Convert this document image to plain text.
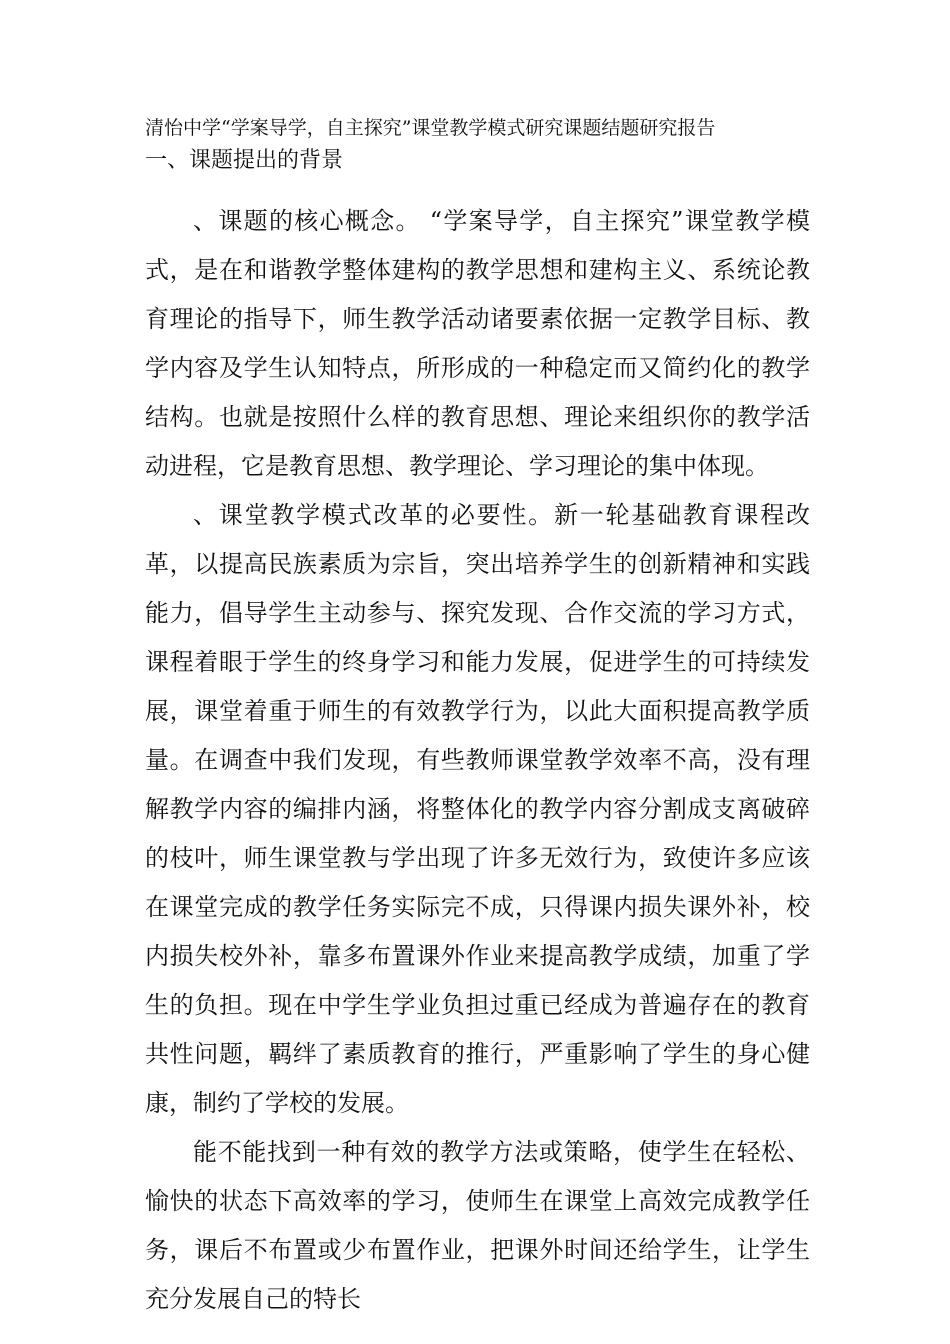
清怡中学“学案导学，自主探究”课堂教学模式研究课题结题研究报告
一、课题提出的背景

、课题的核心概念。 “学案导学，自主探究”课堂教学模式，是在和谐教学整体建构的教学思想和建构主义、系统论教育理论的指导下，师生教学活动诸要素依据一定教学目标、教学内容及学生认知特点，所形成的一种稳定而又简约化的教学结构。也就是按照什么样的教育思想、理论来组织你的教学活动进程，它是教育思想、教学理论、学习理论的集中体现。

、课堂教学模式改革的必要性。新一轮基础教育课程改革，以提高民族素质为宗旨，突出培养学生的创新精神和实践能力，倡导学生主动参与、探究发现、合作交流的学习方式，课程着眼于学生的终身学习和能力发展，促进学生的可持续发展，课堂着重于师生的有效教学行为，以此大面积提高教学质量。在调查中我们发现，有些教师课堂教学效率不高，没有理解教学内容的编排内涵，将整体化的教学内容分割成支离破碎的枝叶，师生课堂教与学出现了许多无效行为，致使许多应该在课堂完成的教学任务实际完不成，只得课内损失课外补，校内损失校外补，靠多布置课外作业来提高教学成绩，加重了学生的负担。现在中学生学业负担过重已经成为普遍存在的教育共性问题，羁绊了素质教育的推行，严重影响了学生的身心健康，制约了学校的发展。

能不能找到一种有效的教学方法或策略，使学生在轻松、愉快的状态下高效率的学习，使师生在课堂上高效完成教学任务，课后不布置或少布置作业，把课外时间还给学生，让学生充分发展自己的特长
